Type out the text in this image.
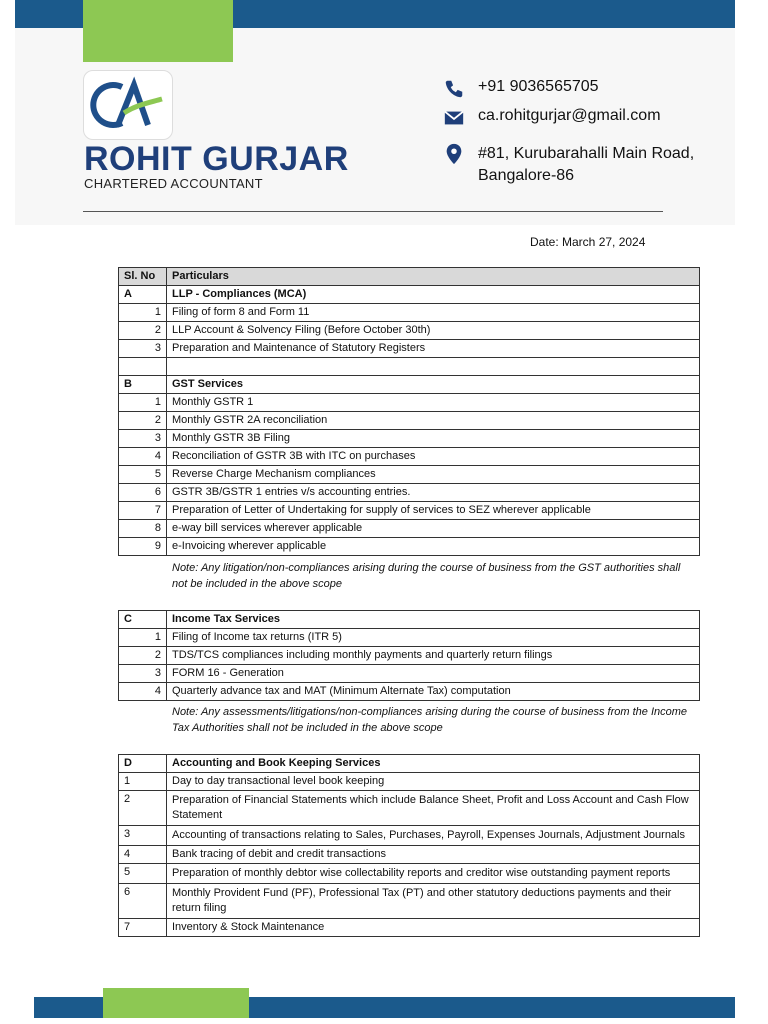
ROHIT GURJAR
CHARTERED ACCOUNTANT
+91 9036565705
ca.rohitgurjar@gmail.com
#81, Kurubarahalli Main Road,
Bangalore-86
Date: March 27, 2024
Sl. No	Particulars
A	LLP - Compliances (MCA)
1	Filing of form 8 and Form 11
2	LLP Account & Solvency Filing (Before October 30th)
3	Preparation and Maintenance of Statutory Registers

B	GST Services
1	Monthly GSTR 1
2	Monthly GSTR 2A reconciliation
3	Monthly GSTR 3B Filing
4	Reconciliation of GSTR 3B with ITC on purchases
5	Reverse Charge Mechanism compliances
6	GSTR 3B/GSTR 1 entries v/s accounting entries.
7	Preparation of Letter of Undertaking for supply of services to SEZ wherever applicable
8	e-way bill services wherever applicable
9	e-Invoicing wherever applicable
Note: Any litigation/non-compliances arising during the course of business from the GST authorities shall not be included in the above scope
C	Income Tax Services
1	Filing of Income tax returns (ITR 5)
2	TDS/TCS compliances including monthly payments and quarterly return filings
3	FORM 16 - Generation
4	Quarterly advance tax and MAT (Minimum Alternate Tax) computation
Note: Any assessments/litigations/non-compliances arising during the course of business from the Income Tax Authorities shall not be included in the above scope
D	Accounting and Book Keeping Services
1	Day to day transactional level book keeping
2	Preparation of Financial Statements which include Balance Sheet, Profit and Loss Account and Cash Flow Statement
3	Accounting of transactions relating to Sales, Purchases, Payroll, Expenses Journals, Adjustment Journals
4	Bank tracing of debit and credit transactions
5	Preparation of monthly debtor wise collectability reports and creditor wise outstanding payment reports
6	Monthly Provident Fund (PF), Professional Tax (PT) and other statutory deductions payments and their return filing
7	Inventory & Stock Maintenance
